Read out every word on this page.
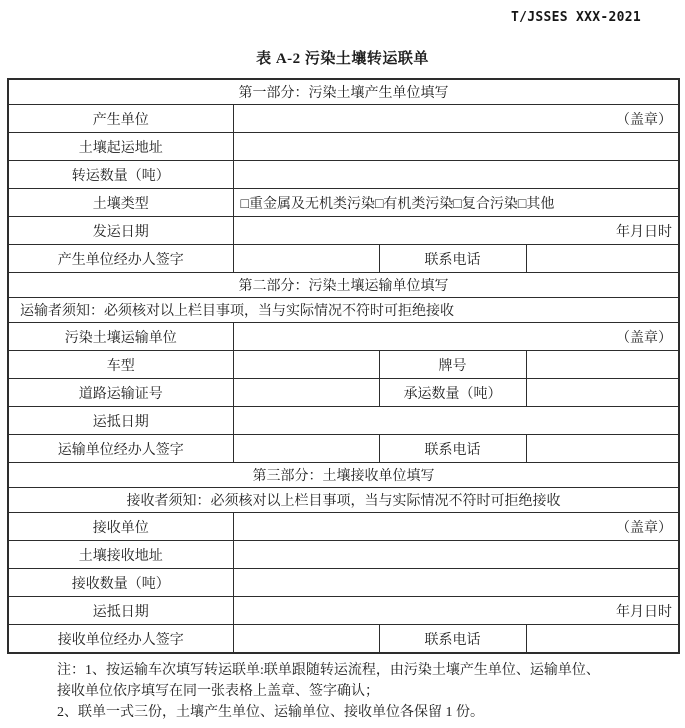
T/JSSES XXX-2021
表 A-2 污染土壤转运联单
第一部分：污染土壤产生单位填写			
产生单位	（盖章）		
土壤起运地址			
转运数量（吨）			
土壤类型	□重金属及无机类污染□有机类污染□复合污染□其他		
发运日期	年月日时		
产生单位经办人签字		联系电话	
第二部分：污染土壤运输单位填写			
运输者须知：必须核对以上栏目事项，当与实际情况不符时可拒绝接收			
污染土壤运输单位	（盖章）		
车型		牌号	
道路运输证号		承运数量（吨）	
运抵日期			
运输单位经办人签字		联系电话	
第三部分：土壤接收单位填写			
接收者须知：必须核对以上栏目事项，当与实际情况不符时可拒绝接收			
接收单位	（盖章）		
土壤接收地址			
接收数量（吨）			
运抵日期	年月日时		
接收单位经办人签字		联系电话	

注：1、按运输车次填写转运联单:联单跟随转运流程，由污染土壤产生单位、运输单位、

接收单位依序填写在同一张表格上盖章、签字确认；

2、联单一式三份，土壤产生单位、运输单位、接收单位各保留 1 份。
